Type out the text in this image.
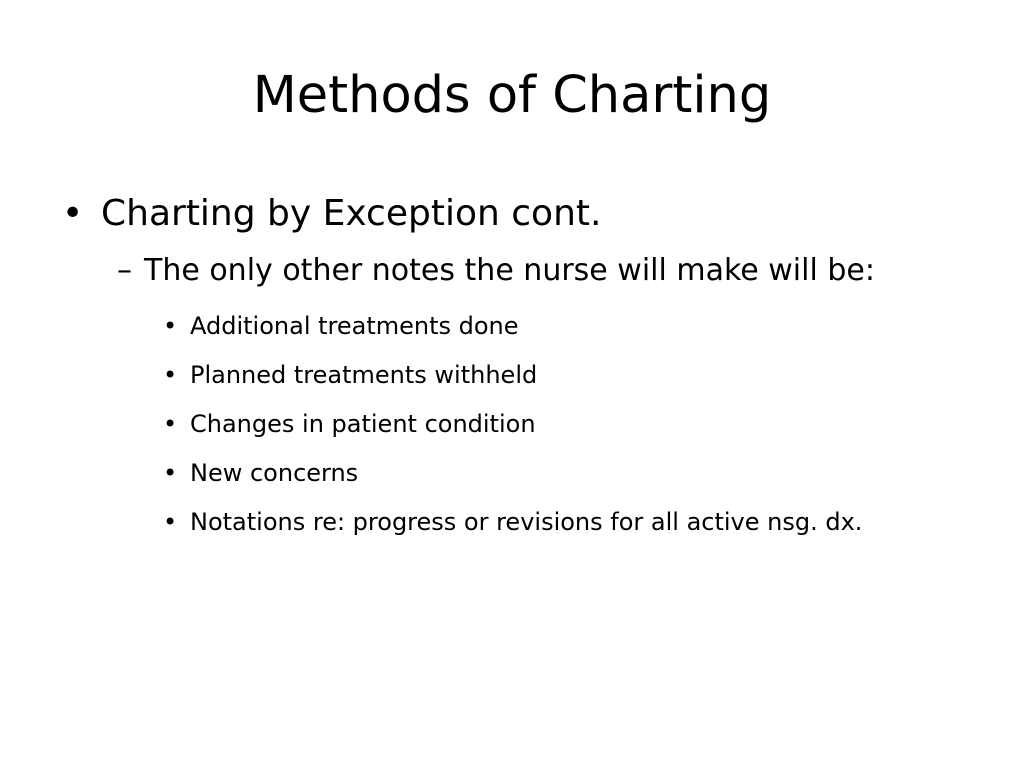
Methods of Charting
• Charting by Exception cont.
– The only other notes the nurse will make will be:
• Additional treatments done
• Planned treatments withheld
• Changes in patient condition
• New concerns
• Notations re: progress or revisions for all active nsg. dx.
